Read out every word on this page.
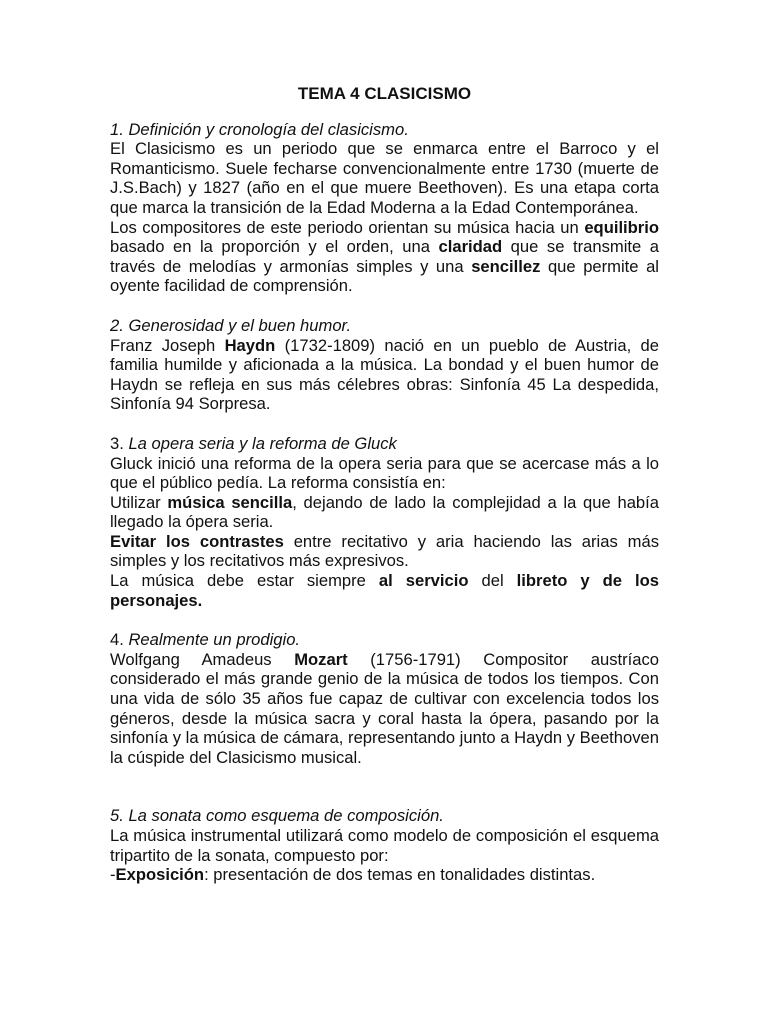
TEMA 4 CLASICISMO
1. Definición y cronología del clasicismo.

El Clasicismo es un periodo que se enmarca entre el Barroco y el Romanticismo. Suele fecharse convencionalmente entre 1730 (muerte de J.S.Bach) y 1827 (año en el que muere Beethoven). Es una etapa corta que marca la transición de la Edad Moderna a la Edad Contemporánea.

Los compositores de este periodo orientan su música hacia un equilibrio basado en la proporción y el orden, una claridad que se transmite a través de melodías y armonías simples y una sencillez que permite al oyente facilidad de comprensión.

2. Generosidad y el buen humor.

Franz Joseph Haydn (1732-1809) nació en un pueblo de Austria, de familia humilde y aficionada a la música. La bondad y el buen humor de Haydn se refleja en sus más célebres obras: Sinfonía 45 La despedida, Sinfonía 94 Sorpresa.

3. La opera seria y la reforma de Gluck

Gluck inició una reforma de la opera seria para que se acercase más a lo que el público pedía. La reforma consistía en:

Utilizar música sencilla, dejando de lado la complejidad a la que había llegado la ópera seria.

Evitar los contrastes entre recitativo y aria haciendo las arias más simples y los recitativos más expresivos.

La música debe estar siempre al servicio del libreto y de los personajes.

4. Realmente un prodigio.

Wolfgang Amadeus Mozart (1756-1791) Compositor austríaco considerado el más grande genio de la música de todos los tiempos. Con una vida de sólo 35 años fue capaz de cultivar con excelencia todos los géneros, desde la música sacra y coral hasta la ópera, pasando por la sinfonía y la música de cámara, representando junto a Haydn y Beethoven la cúspide del Clasicismo musical.

5. La sonata como esquema de composición.

La música instrumental utilizará como modelo de composición el esquema tripartito de la sonata, compuesto por:

-Exposición: presentación de dos temas en tonalidades distintas.
